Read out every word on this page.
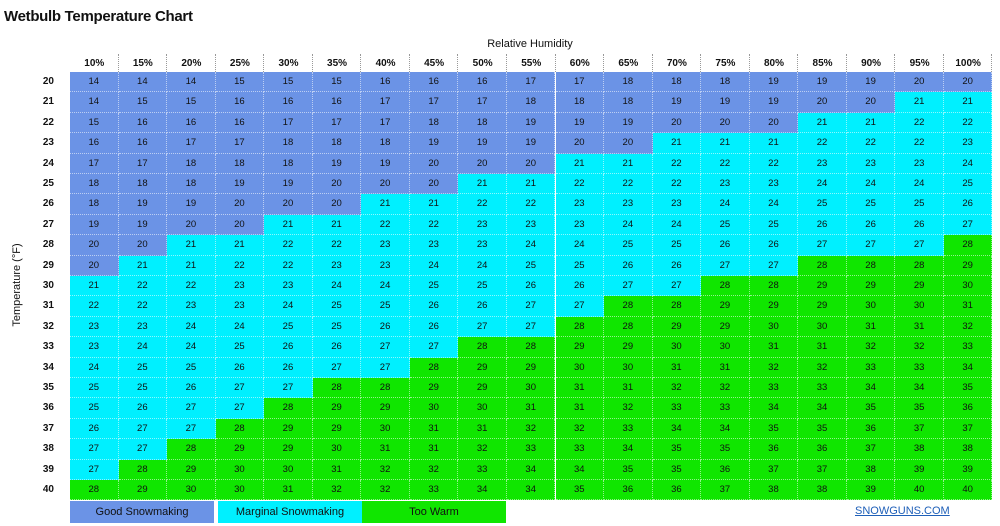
Wetbulb Temperature Chart
Relative Humidity
Temperature (°F)
10%	15%	20%	25%	30%	35%	40%	45%	50%	55%	60%	65%	70%	75%	80%	85%	90%	95%	100%
20	14	14	14	15	15	15	16	16	16	17	17	18	18	18	19	19	19	20	20
21	14	15	15	16	16	16	17	17	17	18	18	18	19	19	19	20	20	21	21
22	15	16	16	16	17	17	17	18	18	19	19	19	20	20	20	21	21	22	22
23	16	16	17	17	18	18	18	19	19	19	20	20	21	21	21	22	22	22	23
24	17	17	18	18	18	19	19	20	20	20	21	21	22	22	22	23	23	23	24
25	18	18	18	19	19	20	20	20	21	21	22	22	22	23	23	24	24	24	25
26	18	19	19	20	20	20	21	21	22	22	23	23	23	24	24	25	25	25	26
27	19	19	20	20	21	21	22	22	23	23	23	24	24	25	25	26	26	26	27
28	20	20	21	21	22	22	23	23	23	24	24	25	25	26	26	27	27	27	28
29	20	21	21	22	22	23	23	24	24	25	25	26	26	27	27	28	28	28	29
30	21	22	22	23	23	24	24	25	25	26	26	27	27	28	28	29	29	29	30
31	22	22	23	23	24	25	25	26	26	27	27	28	28	29	29	29	30	30	31
32	23	23	24	24	25	25	26	26	27	27	28	28	29	29	30	30	31	31	32
33	23	24	24	25	26	26	27	27	28	28	29	29	30	30	31	31	32	32	33
34	24	25	25	26	26	27	27	28	29	29	30	30	31	31	32	32	33	33	34
35	25	25	26	27	27	28	28	29	29	30	31	31	32	32	33	33	34	34	35
36	25	26	27	27	28	29	29	30	30	31	31	32	33	33	34	34	35	35	36
37	26	27	27	28	29	29	30	31	31	32	32	33	34	34	35	35	36	37	37
38	27	27	28	29	29	30	31	31	32	33	33	34	35	35	36	36	37	38	38
39	27	28	29	30	30	31	32	32	33	34	34	35	35	36	37	37	38	39	39
40	28	29	30	30	31	32	32	33	34	34	35	36	36	37	38	38	39	40	40
Good Snowmaking	Marginal Snowmaking	Too Warm	SNOWGUNS.COM
